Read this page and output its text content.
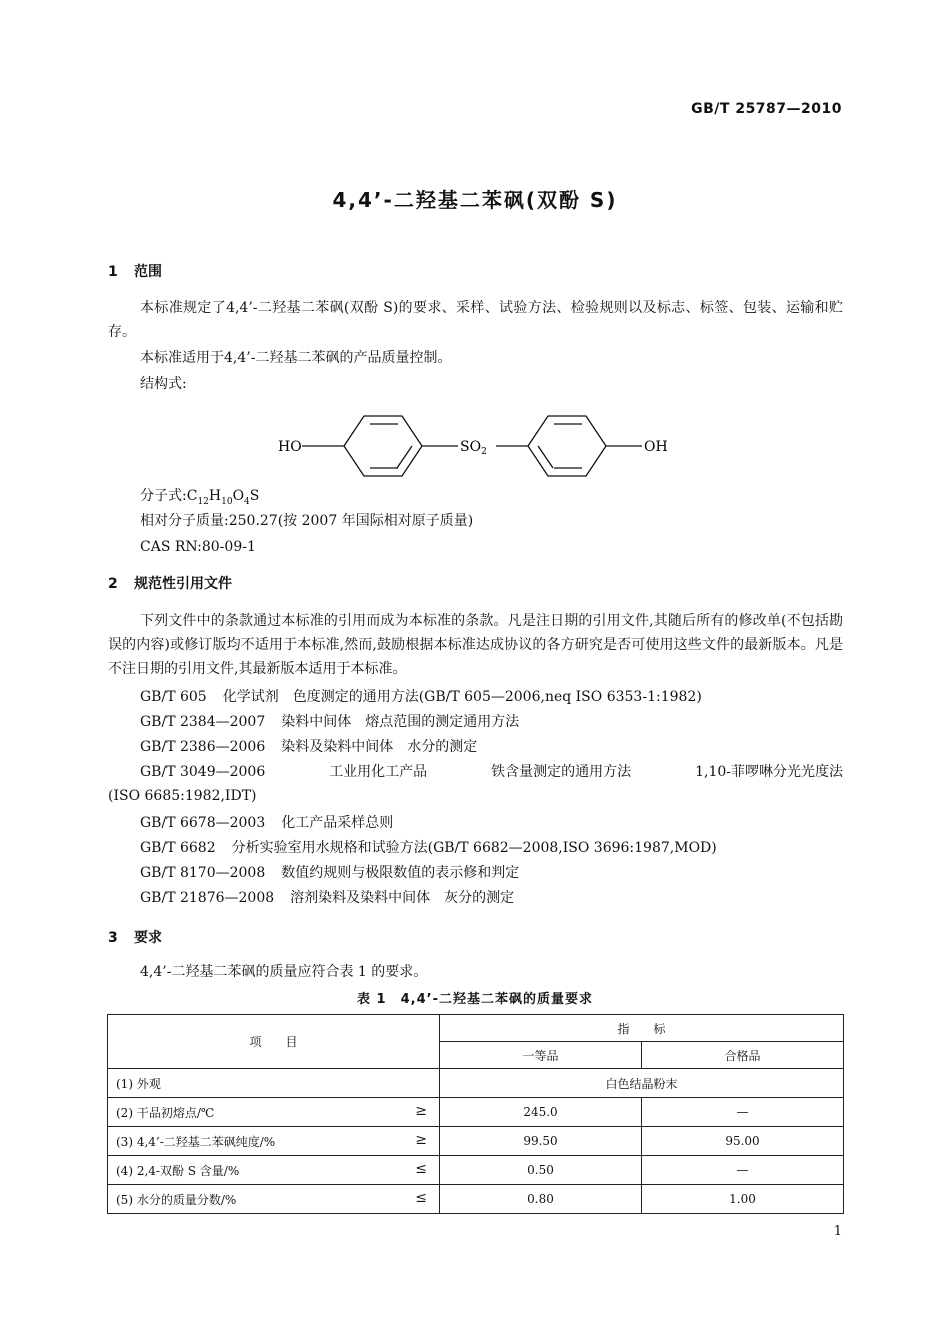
GB/T 25787—2010
4,4’-二羟基二苯砜(双酚 S)
1 范围
本标准规定了4,4’-二羟基二苯砜(双酚 S)的要求、采样、试验方法、检验规则以及标志、标签、包装、运输和贮存。
本标准适用于4,4’-二羟基二苯砜的产品质量控制。
结构式:
HO	$SO_2$	OH
分子式$:C_{12}H_{10}O_4S$
相对分子质量:250.27(按 2007 年国际相对原子质量)
CAS RN:80-09-1
2 规范性引用文件
下列文件中的条款通过本标准的引用而成为本标准的条款。凡是注日期的引用文件,其随后所有的修改单(不包括勘误的内容)或修订版均不适用于本标准,然而,鼓励根据本标准达成协议的各方研究是否可使用这些文件的最新版本。凡是不注日期的引用文件,其最新版本适用于本标准。
GB/T 605 化学试剂　色度测定的通用方法(GB/T 605—2006,neq ISO 6353-1:1982)
GB/T 2384—2007 染料中间体　熔点范围的测定通用方法
GB/T 2386—2006 染料及染料中间体　水分的测定
GB/T 3049—2006	工业用化工产品	铁含量测定的通用方法	1,10-菲啰啉分光光度法
(ISO 6685:1982,IDT)
GB/T 6678—2003 化工产品采样总则
GB/T 6682 分析实验室用水规格和试验方法(GB/T 6682—2008,ISO 3696:1987,MOD)
GB/T 8170—2008 数值约规则与极限数值的表示修和判定
GB/T 21876—2008 溶剂染料及染料中间体　灰分的测定
3 要求
4,4’-二羟基二苯砜的质量应符合表 1 的要求。
表 1　4,4’-二羟基二苯砜的质量要求
项　　目	指　　标	
	一等品	合格品
(1) 外观	白色结晶粉末	
(2) 干品初熔点/℃ ≥	245.0	—
(3) 4,4’-二羟基二苯砜纯度/% ≥	99.50	95.00
(4) 2,4-双酚 S 含量/% ≤	0.50	—
(5) 水分的质量分数/% ≤	0.80	1.00
1
